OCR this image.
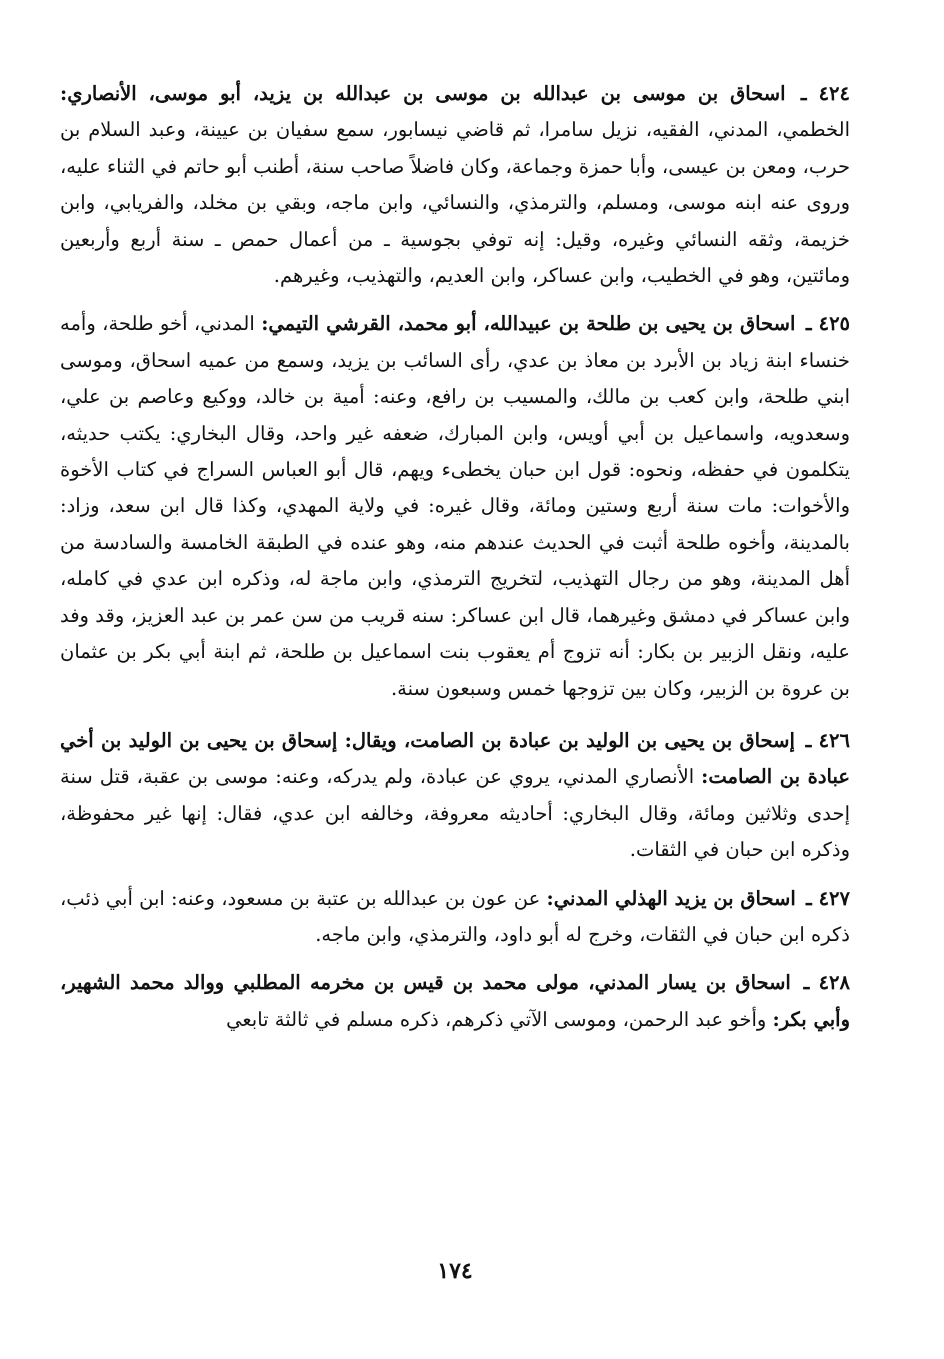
٤٢٤ ـ اسحاق بن موسى بن عبدالله بن موسى بن عبدالله بن يزيد، أبو موسى، الأنصاري: الخطمي، المدني، الفقيه، نزيل سامرا، ثم قاضي نيسابور، سمع سفيان بن عيينة، وعبد السلام بن حرب، ومعن بن عيسى، وأبا حمزة وجماعة، وكان فاضلاً صاحب سنة، أطنب أبو حاتم في الثناء عليه، وروى عنه ابنه موسى، ومسلم، والترمذي، والنسائي، وابن ماجه، وبقي بن مخلد، والفريابي، وابن خزيمة، وثقه النسائي وغيره، وقيل: إنه توفي بجوسية ـ من أعمال حمص ـ سنة أربع وأربعين ومائتين، وهو في الخطيب، وابن عساكر، وابن العديم، والتهذيب، وغيرهم.

٤٢٥ ـ اسحاق بن يحيى بن طلحة بن عبيدالله، أبو محمد، القرشي التيمي: المدني، أخو طلحة، وأمه خنساء ابنة زياد بن الأبرد بن معاذ بن عدي، رأى السائب بن يزيد، وسمع من عميه اسحاق، وموسى ابني طلحة، وابن كعب بن مالك، والمسيب بن رافع، وعنه: أمية بن خالد، ووكيع وعاصم بن علي، وسعدويه، واسماعيل بن أبي أويس، وابن المبارك، ضعفه غير واحد، وقال البخاري: يكتب حديثه، يتكلمون في حفظه، ونحوه: قول ابن حبان يخطىء ويهم، قال أبو العباس السراج في كتاب الأخوة والأخوات: مات سنة أربع وستين ومائة، وقال غيره: في ولاية المهدي، وكذا قال ابن سعد، وزاد: بالمدينة، وأخوه طلحة أثبت في الحديث عندهم منه، وهو عنده في الطبقة الخامسة والسادسة من أهل المدينة، وهو من رجال التهذيب، لتخريج الترمذي، وابن ماجة له، وذكره ابن عدي في كامله، وابن عساكر في دمشق وغيرهما، قال ابن عساكر: سنه قريب من سن عمر بن عبد العزيز، وقد وفد عليه، ونقل الزبير بن بكار: أنه تزوج أم يعقوب بنت اسماعيل بن طلحة، ثم ابنة أبي بكر بن عثمان بن عروة بن الزبير، وكان بين تزوجها خمس وسبعون سنة.

٤٢٦ ـ إسحاق بن يحيى بن الوليد بن عبادة بن الصامت، ويقال: إسحاق بن يحيى بن الوليد بن أخي عبادة بن الصامت: الأنصاري المدني، يروي عن عبادة، ولم يدركه، وعنه: موسى بن عقبة، قتل سنة إحدى وثلاثين ومائة، وقال البخاري: أحاديثه معروفة، وخالفه ابن عدي، فقال: إنها غير محفوظة، وذكره ابن حبان في الثقات.

٤٢٧ ـ اسحاق بن يزيد الهذلي المدني: عن عون بن عبدالله بن عتبة بن مسعود، وعنه: ابن أبي ذئب، ذكره ابن حبان في الثقات، وخرج له أبو داود، والترمذي، وابن ماجه.

٤٢٨ ـ اسحاق بن يسار المدني، مولى محمد بن قيس بن مخرمه المطلبي ووالد محمد الشهير، وأبي بكر: وأخو عبد الرحمن، وموسى الآتي ذكرهم، ذكره مسلم في ثالثة تابعي

١٧٤
